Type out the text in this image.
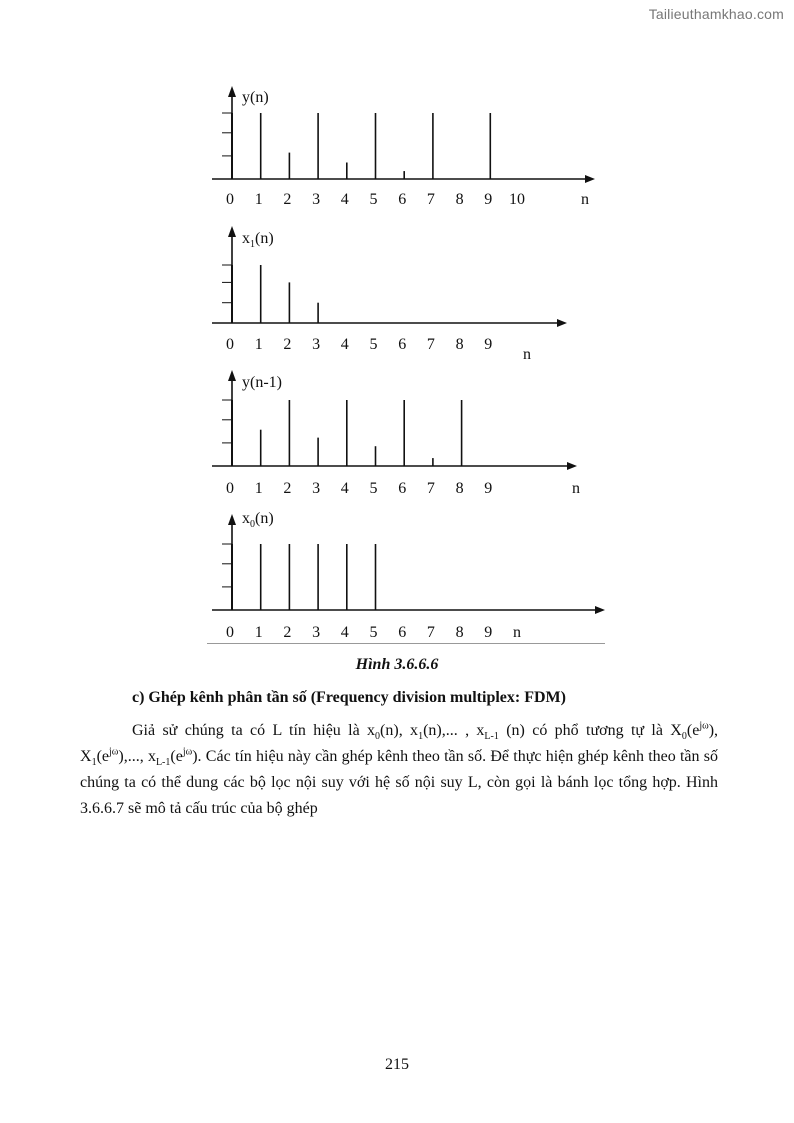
Tailieuthamkhao.com
y(n)
0 1 2 3 4 5 6 7 8 9 10	n
$x_1(n)$
0 1 2 3 4 5 6 7 8 9
n
y(n-1)
0 1 2 3 4 5 6 7 8 9	n
$x_0(n)$
0 1 2 3 4 5 6 7 8 9 n
Hình 3.6.6.6
c) Ghép kênh phân tần số (Frequency division multiplex: FDM)

Giả sử chúng ta có L tín hiệu là $x_0(n)$, $x_1(n)$,... , $x_{L-1}$ (n) có phổ tương tự là $X_0(e^{j\omega})$, $X_1(e^{j\omega})$,..., $x_{L-1}(e^{j\omega})$. Các tín hiệu này cần ghép kênh theo tần số. Để thực hiện ghép kênh theo tần số chúng ta có thể dung các bộ lọc nội suy với hệ số nội suy L, còn gọi là bánh lọc tổng hợp. Hình 3.6.6.7 sẽ mô tả cấu trúc của bộ ghép

215
